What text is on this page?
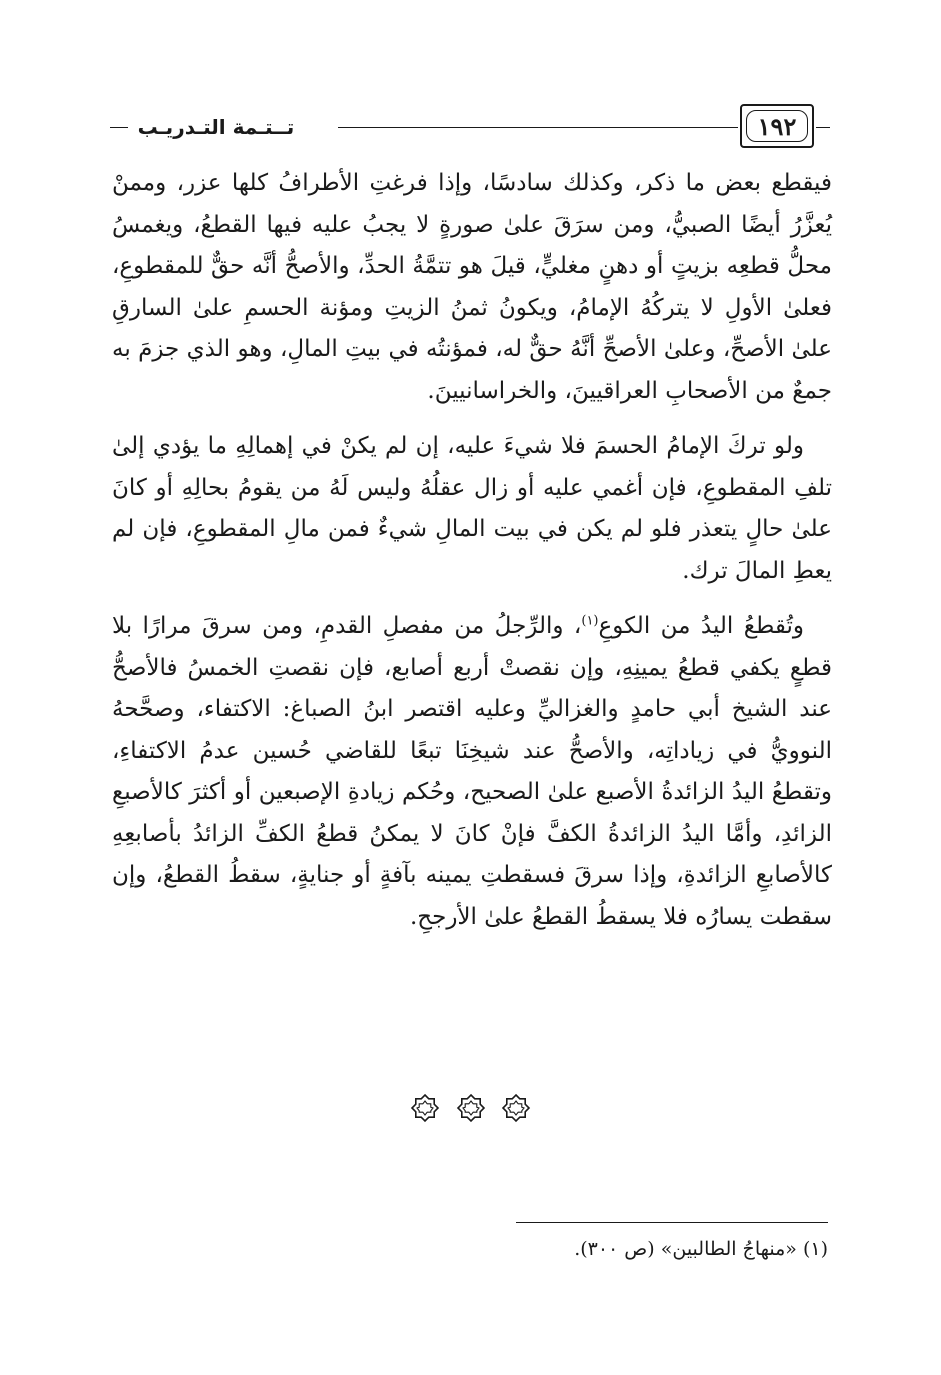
١٩٢
تــتـمة التـدريـب

فيقطع بعض ما ذكر، وكذلك سادسًا، وإذا فرغتِ الأطرافُ كلها عزر، وممنْ يُعزَّرُ أيضًا الصبيُّ، ومن سرَقَ علىٰ صورةٍ لا يجبُ عليه فيها القطعُ، ويغمسُ محلُّ قطعِه بزيتٍ أو دهنٍ مغليٍّ، قيلَ هو تتمَّةُ الحدِّ، والأصحُّ أنَّه حقٌّ للمقطوعِ، فعلىٰ الأولِ لا يتركُهُ الإمامُ، ويكونُ ثمنُ الزيتِ ومؤنة الحسمِ علىٰ السارقِ علىٰ الأصحِّ، وعلىٰ الأصحِّ أنَّهُ حقٌّ له، فمؤنتُه في بيتِ المالِ، وهو الذي جزمَ به جمعٌ من الأصحابِ العراقيينَ، والخراسانيينَ.

ولو تركَ الإمامُ الحسمَ فلا شيءَ عليه، إن لم يكنْ في إهمالِهِ ما يؤدي إلىٰ تلفِ المقطوعِ، فإن أغمي عليه أو زال عقلُهُ وليس لَهُ من يقومُ بحالِهِ أو كانَ علىٰ حالٍ يتعذر فلو لم يكن في بيت المالِ شيءٌ فمن مالِ المقطوعِ، فإن لم يعطِ المالَ ترك.

وتُقطعُ اليدُ من الكوعِ$^{(١)}$، والرِّجلُ من مفصلِ القدمِ، ومن سرقَ مرارًا بلا قطعٍ يكفي قطعُ يمينِهِ، وإن نقصتْ أربع أصابع، فإن نقصتِ الخمسُ فالأصحُّ عند الشيخ أبي حامدٍ والغزاليِّ وعليه اقتصر ابنُ الصباغ: الاكتفاء، وصحَّحهُ النوويُّ في زياداتِه، والأصحُّ عند شيخِنَا تبعًا للقاضي حُسين عدمُ الاكتفاءِ، وتقطعُ اليدُ الزائدةُ الأصبع علىٰ الصحيح، وحُكم زيادةِ الإصبعين أو أكثرَ كالأصبعِ الزائدِ، وأمَّا اليدُ الزائدةُ الكفَّ فإنْ كانَ لا يمكنُ قطعُ الكفِّ الزائدُ بأصابعِهِ كالأصابعِ الزائدةِ، وإذا سرقَ فسقطتِ يمينه بآفةٍ أو جنايةٍ، سقطُ القطعُ، وإن سقطت يسارُه فلا يسقطُ القطعُ علىٰ الأرجحِ.

(١) «منهاجُ الطالبين» (ص ٣٠٠).
